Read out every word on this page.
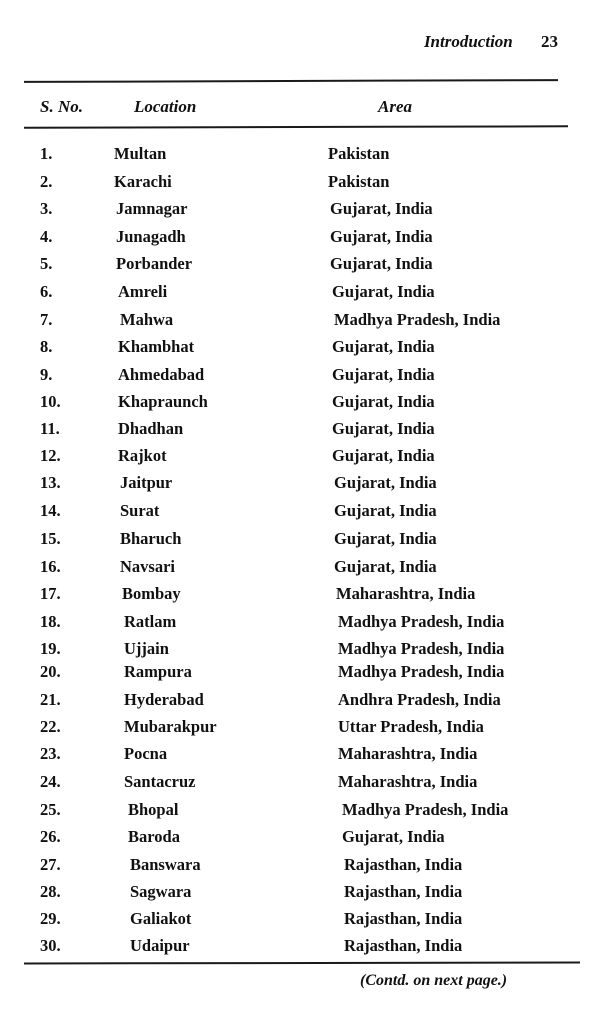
Introduction 23
S. No.	Location	Area
1.	Multan	Pakistan
2.	Karachi	Pakistan
3.	Jamnagar	Gujarat, India
4.	Junagadh	Gujarat, India
5.	Porbander	Gujarat, India
6.	Amreli	Gujarat, India
7.	Mahwa	Madhya Pradesh, India
8.	Khambhat	Gujarat, India
9.	Ahmedabad	Gujarat, India
10.	Khapraunch	Gujarat, India
11.	Dhadhan	Gujarat, India
12.	Rajkot	Gujarat, India
13.	Jaitpur	Gujarat, India
14.	Surat	Gujarat, India
15.	Bharuch	Gujarat, India
16.	Navsari	Gujarat, India
17.	Bombay	Maharashtra, India
18.	Ratlam	Madhya Pradesh, India
19.	Ujjain	Madhya Pradesh, India
20.	Rampura	Madhya Pradesh, India
21.	Hyderabad	Andhra Pradesh, India
22.	Mubarakpur	Uttar Pradesh, India
23.	Pocna	Maharashtra, India
24.	Santacruz	Maharashtra, India
25.	Bhopal	Madhya Pradesh, India
26.	Baroda	Gujarat, India
27.	Banswara	Rajasthan, India
28.	Sagwara	Rajasthan, India
29.	Galiakot	Rajasthan, India
30.	Udaipur	Rajasthan, India
(Contd. on next page.)
